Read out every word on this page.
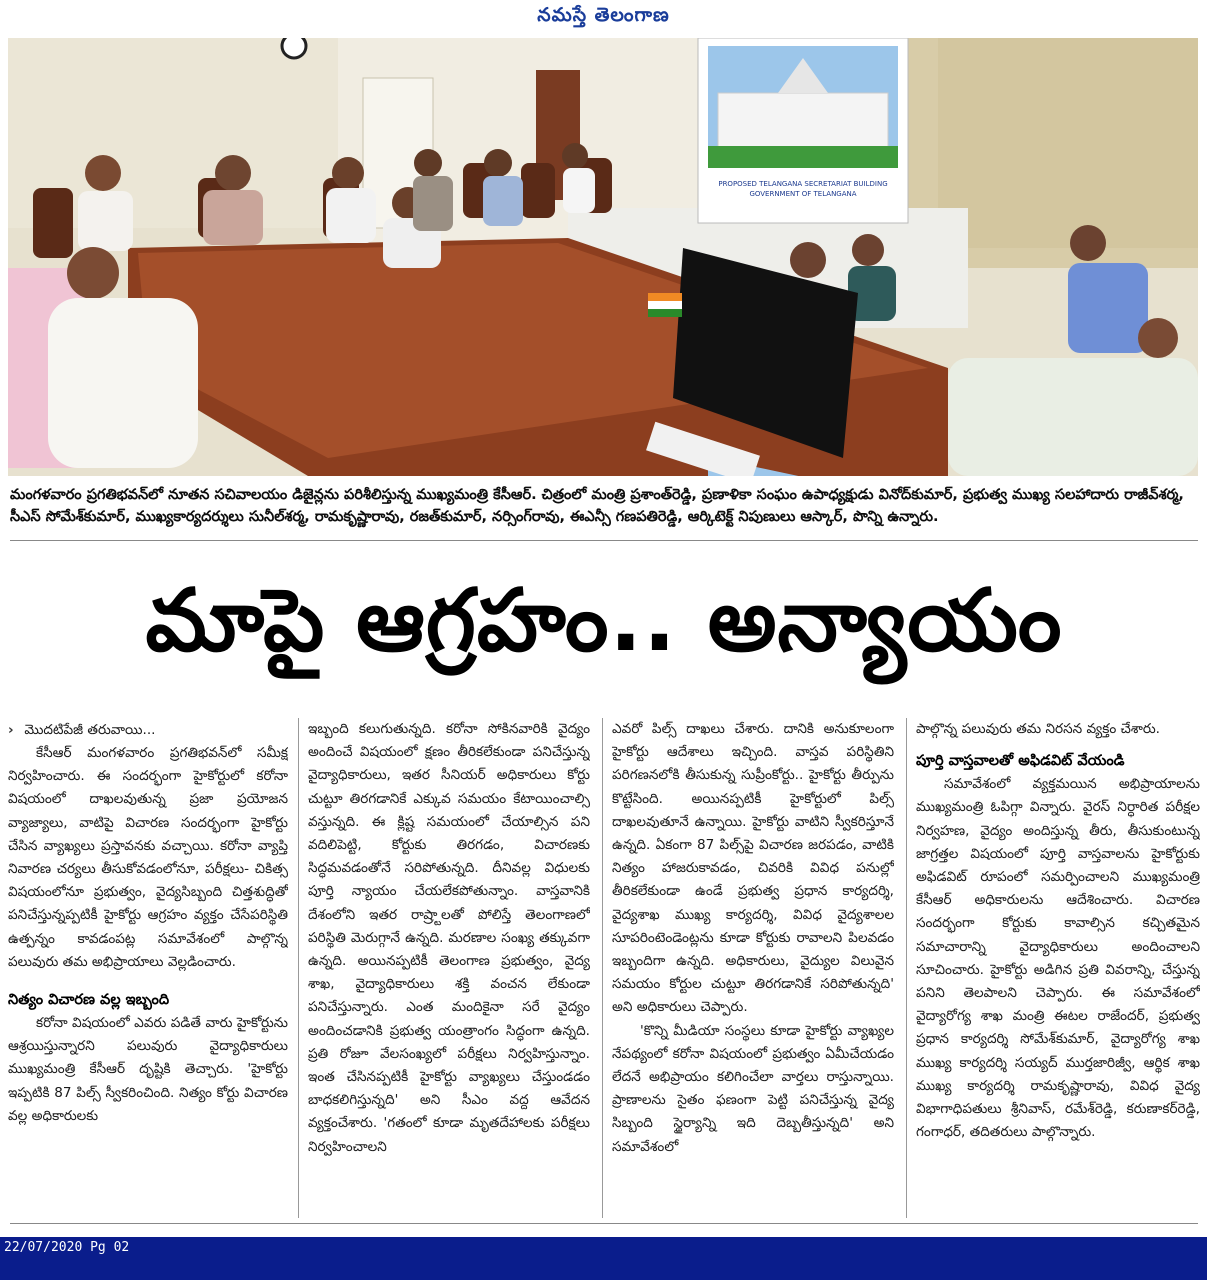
నమస్తే తెలంగాణ
PROPOSED TELANGANA SECRETARIAT BUILDING
GOVERNMENT OF TELANGANA
మంగళవారం ప్రగతిభవన్‌లో నూతన సచివాలయం డిజైన్లను పరిశీలిస్తున్న ముఖ్యమంత్రి కేసీఆర్‌. చిత్రంలో మంత్రి ప్రశాంత్‌రెడ్డి, ప్రణాళికా సంఘం ఉపాధ్యక్షుడు వినోద్‌కుమార్‌, ప్రభుత్వ ముఖ్య సలహాదారు రాజీవ్‌శర్మ, సీఎస్‌ సోమేశ్‌కుమార్‌, ముఖ్యకార్యదర్శులు సునీల్‌శర్మ, రామకృష్ణారావు, రజత్‌కుమార్‌, నర్సింగ్‌రావు, ఈఎన్సీ గణపతిరెడ్డి, ఆర్కిటెక్ట్‌ నిపుణులు ఆస్కార్‌, పొన్ని ఉన్నారు.
మాపై ఆగ్రహం.. అన్యాయం
› మొదటిపేజీ తరువాయి...

కేసీఆర్‌ మంగళవారం ప్రగతిభవన్‌లో సమీక్ష నిర్వహించారు. ఈ సందర్భంగా హైకోర్టులో కరోనా విషయంలో దాఖలవుతున్న ప్రజా ప్రయోజన వ్యాజ్యాలు, వాటిపై విచారణ సందర్భంగా హైకోర్టు చేసిన వ్యాఖ్యలు ప్రస్తావనకు వచ్చాయి. కరోనా వ్యాప్తి నివారణ చర్యలు తీసుకోవడంలోనూ, పరీక్షలు- చికిత్స విషయంలోనూ ప్రభుత్వం, వైద్యసిబ్బంది చిత్తశుద్ధితో పనిచేస్తున్నప్పటికీ హైకోర్టు ఆగ్రహం వ్యక్తం చేసేపరిస్థితి ఉత్పన్నం కావడంపట్ల సమావేశంలో పాల్గొన్న పలువురు తమ అభిప్రాయాలు వెల్లడించారు.

నిత్యం విచారణ వల్ల ఇబ్బంది

కరోనా విషయంలో ఎవరు పడితే వారు హైకోర్టును ఆశ్రయిస్తున్నారని పలువురు వైద్యాధికారులు ముఖ్యమంత్రి కేసీఆర్‌ దృష్టికి తెచ్చారు. 'హైకోర్టు ఇప్పటికి 87 పిల్స్‌ స్వీకరించింది. నిత్యం కోర్టు విచారణ వల్ల అధికారులకు

ఇబ్బంది కలుగుతున్నది. కరోనా సోకినవారికి వైద్యం అందించే విషయంలో క్షణం తీరికలేకుండా పనిచేస్తున్న వైద్యాధికారులు, ఇతర సీనియర్‌ అధికారులు కోర్టు చుట్టూ తిరగడానికే ఎక్కువ సమయం కేటాయించాల్సి వస్తున్నది. ఈ క్లిష్ట సమయంలో చేయాల్సిన పని వదిలిపెట్టి, కోర్టుకు తిరగడం, విచారణకు సిద్ధమవడంతోనే సరిపోతున్నది. దీనివల్ల విధులకు పూర్తి న్యాయం చేయలేకపోతున్నాం. వాస్తవానికి దేశంలోని ఇతర రాష్ర్టాలతో పోలిస్తే తెలంగాణలో పరిస్థితి మెరుగ్గానే ఉన్నది. మరణాల సంఖ్య తక్కువగా ఉన్నది. అయినప్పటికీ తెలంగాణ ప్రభుత్వం, వైద్య శాఖ, వైద్యాధికారులు శక్తి వంచన లేకుండా పనిచేస్తున్నారు. ఎంత మందికైనా సరే వైద్యం అందించడానికి ప్రభుత్వ యంత్రాంగం సిద్ధంగా ఉన్నది. ప్రతి రోజూ వేలసంఖ్యలో పరీక్షలు నిర్వహిస్తున్నాం. ఇంత చేసినప్పటికీ హైకోర్టు వ్యాఖ్యలు చేస్తుండడం బాధకలిగిస్తున్నది' అని సీఎం వద్ద ఆవేదన వ్యక్తంచేశారు. 'గతంలో కూడా మృతదేహాలకు పరీక్షలు నిర్వహించాలని

ఎవరో పిల్స్‌ దాఖలు చేశారు. దానికి అనుకూలంగా హైకోర్టు ఆదేశాలు ఇచ్చింది. వాస్తవ పరిస్థితిని పరిగణనలోకి తీసుకున్న సుప్రీంకోర్టు.. హైకోర్టు తీర్పును కొట్టేసింది. అయినప్పటికీ హైకోర్టులో పిల్స్‌ దాఖలవుతూనే ఉన్నాయి. హైకోర్టు వాటిని స్వీకరిస్తూనే ఉన్నది. ఏకంగా 87 పిల్స్‌పై విచారణ జరపడం, వాటికి నిత్యం హాజరుకావడం, చివరికి వివిధ పనుల్లో తీరికలేకుండా ఉండే ప్రభుత్వ ప్రధాన కార్యదర్శి, వైద్యశాఖ ముఖ్య కార్యదర్శి, వివిధ వైద్యశాలల సూపరింటెండెంట్లను కూడా కోర్టుకు రావాలని పిలవడం ఇబ్బందిగా ఉన్నది. అధికారులు, వైద్యుల విలువైన సమయం కోర్టుల చుట్టూ తిరగడానికే సరిపోతున్నది' అని అధికారులు చెప్పారు.

'కొన్ని మీడియా సంస్థలు కూడా హైకోర్టు వ్యాఖ్యల నేపథ్యంలో కరోనా విషయంలో ప్రభుత్వం ఏమీచేయడం లేదనే అభిప్రాయం కలిగించేలా వార్తలు రాస్తున్నాయి. ప్రాణాలను సైతం ఫణంగా పెట్టి పనిచేస్తున్న వైద్య సిబ్బంది స్థైర్యాన్ని ఇది దెబ్బతీస్తున్నది' అని సమావేశంలో

పాల్గొన్న పలువురు తమ నిరసన వ్యక్తం చేశారు.

పూర్తి వాస్తవాలతో అఫిడవిట్‌ వేయండి

సమావేశంలో వ్యక్తమయిన అభిప్రాయాలను ముఖ్యమంత్రి ఓపిగ్గా విన్నారు. వైరస్‌ నిర్ధారిత పరీక్షల నిర్వహణ, వైద్యం అందిస్తున్న తీరు, తీసుకుంటున్న జాగ్రత్తల విషయంలో పూర్తి వాస్తవాలను హైకోర్టుకు అఫిడవిట్‌ రూపంలో సమర్పించాలని ముఖ్యమంత్రి కేసీఆర్‌ అధికారులను ఆదేశించారు. విచారణ సందర్భంగా కోర్టుకు కావాల్సిన కచ్చితమైన సమాచారాన్ని వైద్యాధికారులు అందించాలని సూచించారు. హైకోర్టు అడిగిన ప్రతి వివరాన్ని, చేస్తున్న పనిని తెలపాలని చెప్పారు. ఈ సమావేశంలో వైద్యారోగ్య శాఖ మంత్రి ఈటల రాజేందర్‌, ప్రభుత్వ ప్రధాన కార్యదర్శి సోమేశ్‌కుమార్‌, వైద్యారోగ్య శాఖ ముఖ్య కార్యదర్శి సయ్యద్‌ ముర్తజారిజ్వీ, ఆర్థిక శాఖ ముఖ్య కార్యదర్శి రామకృష్ణారావు, వివిధ వైద్య విభాగాధిపతులు శ్రీనివాస్‌, రమేశ్‌రెడ్డి, కరుణాకర్‌రెడ్డి, గంగాధర్‌, తదితరులు పాల్గొన్నారు.

22/07/2020 Pg 02
